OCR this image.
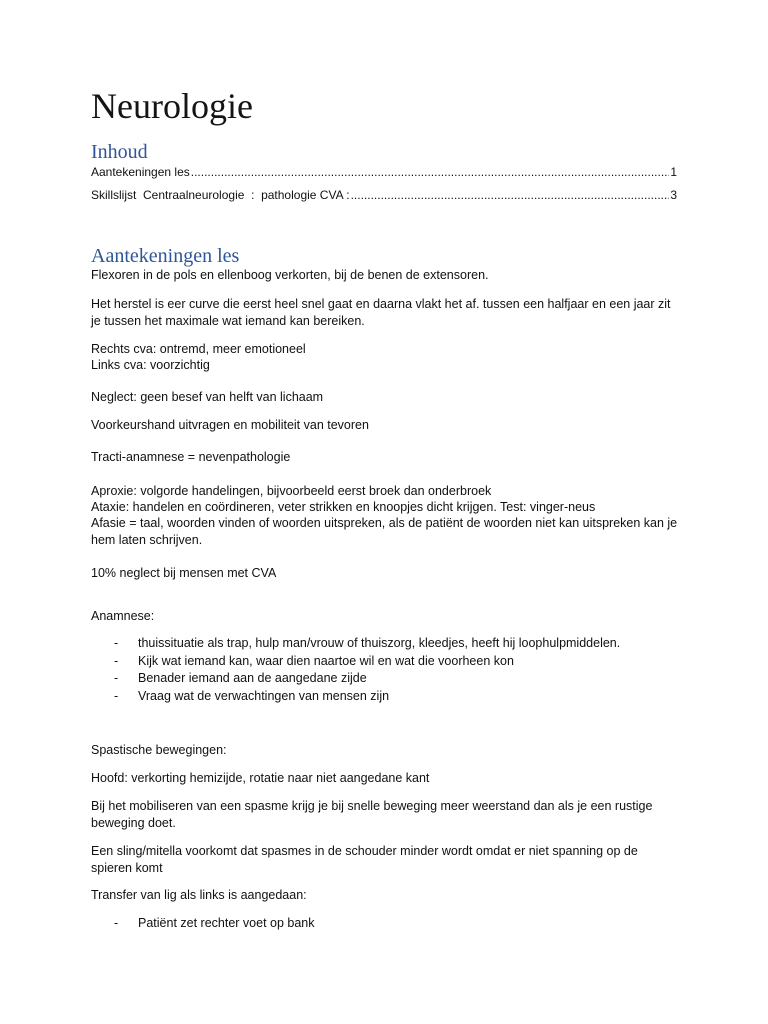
Neurologie
Inhoud
Aantekeningen les .....	1
Skillslijst  Centraalneurologie  :  pathologie CVA : .....	3
Aantekeningen les
Flexoren in de pols en ellenboog verkorten, bij de benen de extensoren.
Het herstel is eer curve die eerst heel snel gaat en daarna vlakt het af. tussen een halfjaar en een jaar zit je tussen het maximale wat iemand kan bereiken.
Rechts cva: ontremd, meer emotioneel
Links cva: voorzichtig
Neglect: geen besef van helft van lichaam
Voorkeurshand uitvragen en mobiliteit van tevoren
Tracti-anamnese = nevenpathologie
Aproxie: volgorde handelingen, bijvoorbeeld eerst broek dan onderbroek
Ataxie: handelen en coördineren, veter strikken en knoopjes dicht krijgen. Test: vinger-neus
Afasie = taal, woorden vinden of woorden uitspreken, als de patiënt de woorden niet kan uitspreken kan je hem laten schrijven.
10% neglect bij mensen met CVA
Anamnese:
- thuissituatie als trap, hulp man/vrouw of thuiszorg, kleedjes, heeft hij loophulpmiddelen.
- Kijk wat iemand kan, waar dien naartoe wil en wat die voorheen kon
- Benader iemand aan de aangedane zijde
- Vraag wat de verwachtingen van mensen zijn
Spastische bewegingen:
Hoofd: verkorting hemizijde, rotatie naar niet aangedane kant
Bij het mobiliseren van een spasme krijg je bij snelle beweging meer weerstand dan als je een rustige beweging doet.
Een sling/mitella voorkomt dat spasmes in de schouder minder wordt omdat er niet spanning op de spieren komt
Transfer van lig als links is aangedaan:
- Patiënt zet rechter voet op bank
